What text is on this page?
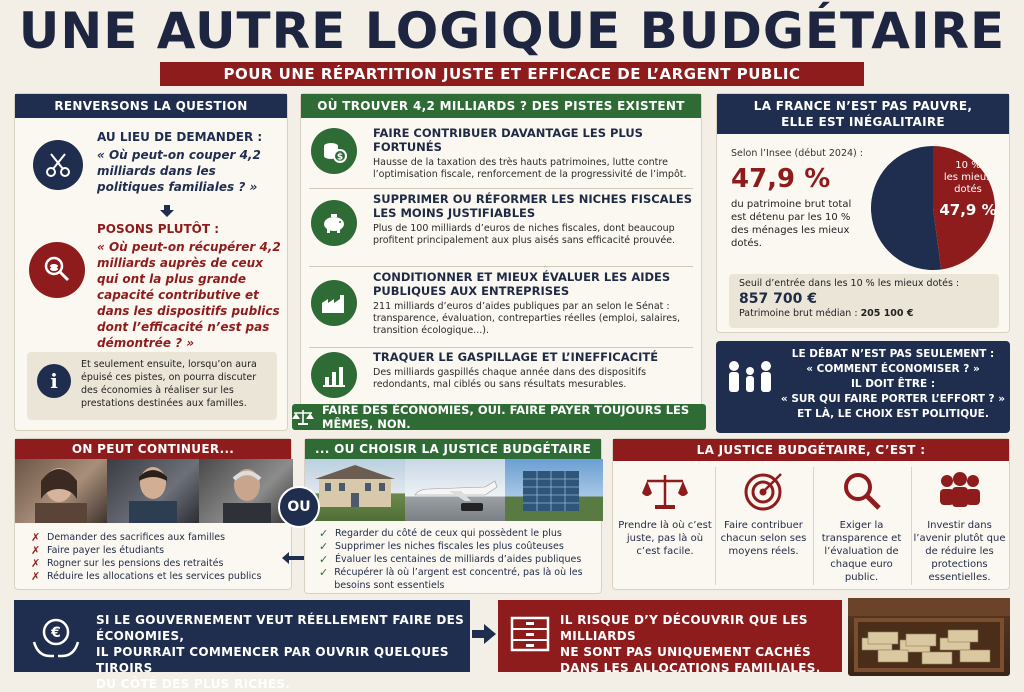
UNE AUTRE LOGIQUE BUDGÉTAIRE
POUR UNE RÉPARTITION JUSTE ET EFFICACE DE L’ARGENT PUBLIC
RENVERSONS LA QUESTION
AU LIEU DE DEMANDER :
« Où peut-on couper 4,2 milliards dans les politiques familiales ? »
POSONS PLUTÔT :
« Où peut-on récupérer 4,2 milliards auprès de ceux qui ont la plus grande capacité contributive et dans les dispositifs publics dont l’efficacité n’est pas démontrée ? »
i
Et seulement ensuite, lorsqu’on aura épuisé ces pistes, on pourra discuter des économies à réaliser sur les prestations destinées aux familles.
OÙ TROUVER 4,2 MILLIARDS ? DES PISTES EXISTENT
$
FAIRE CONTRIBUER DAVANTAGE LES PLUS FORTUNÉS
Hausse de la taxation des très hauts patrimoines, lutte contre l’optimisation fiscale, renforcement de la progressivité de l’impôt.
SUPPRIMER OU RÉFORMER LES NICHES FISCALES LES MOINS JUSTIFIABLES
Plus de 100 milliards d’euros de niches fiscales, dont beaucoup profitent principalement aux plus aisés sans efficacité prouvée.
CONDITIONNER ET MIEUX ÉVALUER LES AIDES PUBLIQUES AUX ENTREPRISES
211 milliards d’euros d’aides publiques par an selon le Sénat : transparence, évaluation, contreparties réelles (emploi, salaires, transition écologique...).
TRAQUER LE GASPILLAGE ET L’INEFFICACITÉ
Des milliards gaspillés chaque année dans des dispositifs redondants, mal ciblés ou sans résultats mesurables.
FAIRE DES ÉCONOMIES, OUI. FAIRE PAYER TOUJOURS LES MÊMES, NON.
LA FRANCE N’EST PAS PAUVRE,
ELLE EST INÉGALITAIRE
Selon l’Insee (début 2024) :
47,9 %
du patrimoine brut total est détenu par les 10 % des ménages les mieux dotés.
10 %
les mieux dotés
47,9 %
Seuil d’entrée dans les 10 % les mieux dotés :
857 700 €
Patrimoine brut médian : 205 100 €
LE DÉBAT N’EST PAS SEULEMENT :
« COMMENT ÉCONOMISER ? »
IL DOIT ÊTRE :
« SUR QUI FAIRE PORTER L’EFFORT ? »
ET LÀ, LE CHOIX EST POLITIQUE.
ON PEUT CONTINUER...
✗ Demander des sacrifices aux familles
✗ Faire payer les étudiants
✗ Rogner sur les pensions des retraités
✗ Réduire les allocations et les services publics
OU
... OU CHOISIR LA JUSTICE BUDGÉTAIRE
✓ Regarder du côté de ceux qui possèdent le plus
✓ Supprimer les niches fiscales les plus coûteuses
✓ Évaluer les centaines de milliards d’aides publiques
✓ Récupérer là où l’argent est concentré, pas là où les besoins sont essentiels
LA JUSTICE BUDGÉTAIRE, C’EST :
Prendre là où c’est juste, pas là où c’est facile.
Faire contribuer chacun selon ses moyens réels.
Exiger la transparence et l’évaluation de chaque euro public.
Investir dans l’avenir plutôt que de réduire les protections essentielles.
€
SI LE GOUVERNEMENT VEUT RÉELLEMENT FAIRE DES ÉCONOMIES,
IL POURRAIT COMMENCER PAR OUVRIR QUELQUES TIROIRS
DU CÔTÉ DES PLUS RICHES.
IL RISQUE D’Y DÉCOUVRIR QUE LES MILLIARDS
NE SONT PAS UNIQUEMENT CACHÉS
DANS LES ALLOCATIONS FAMILIALES.
